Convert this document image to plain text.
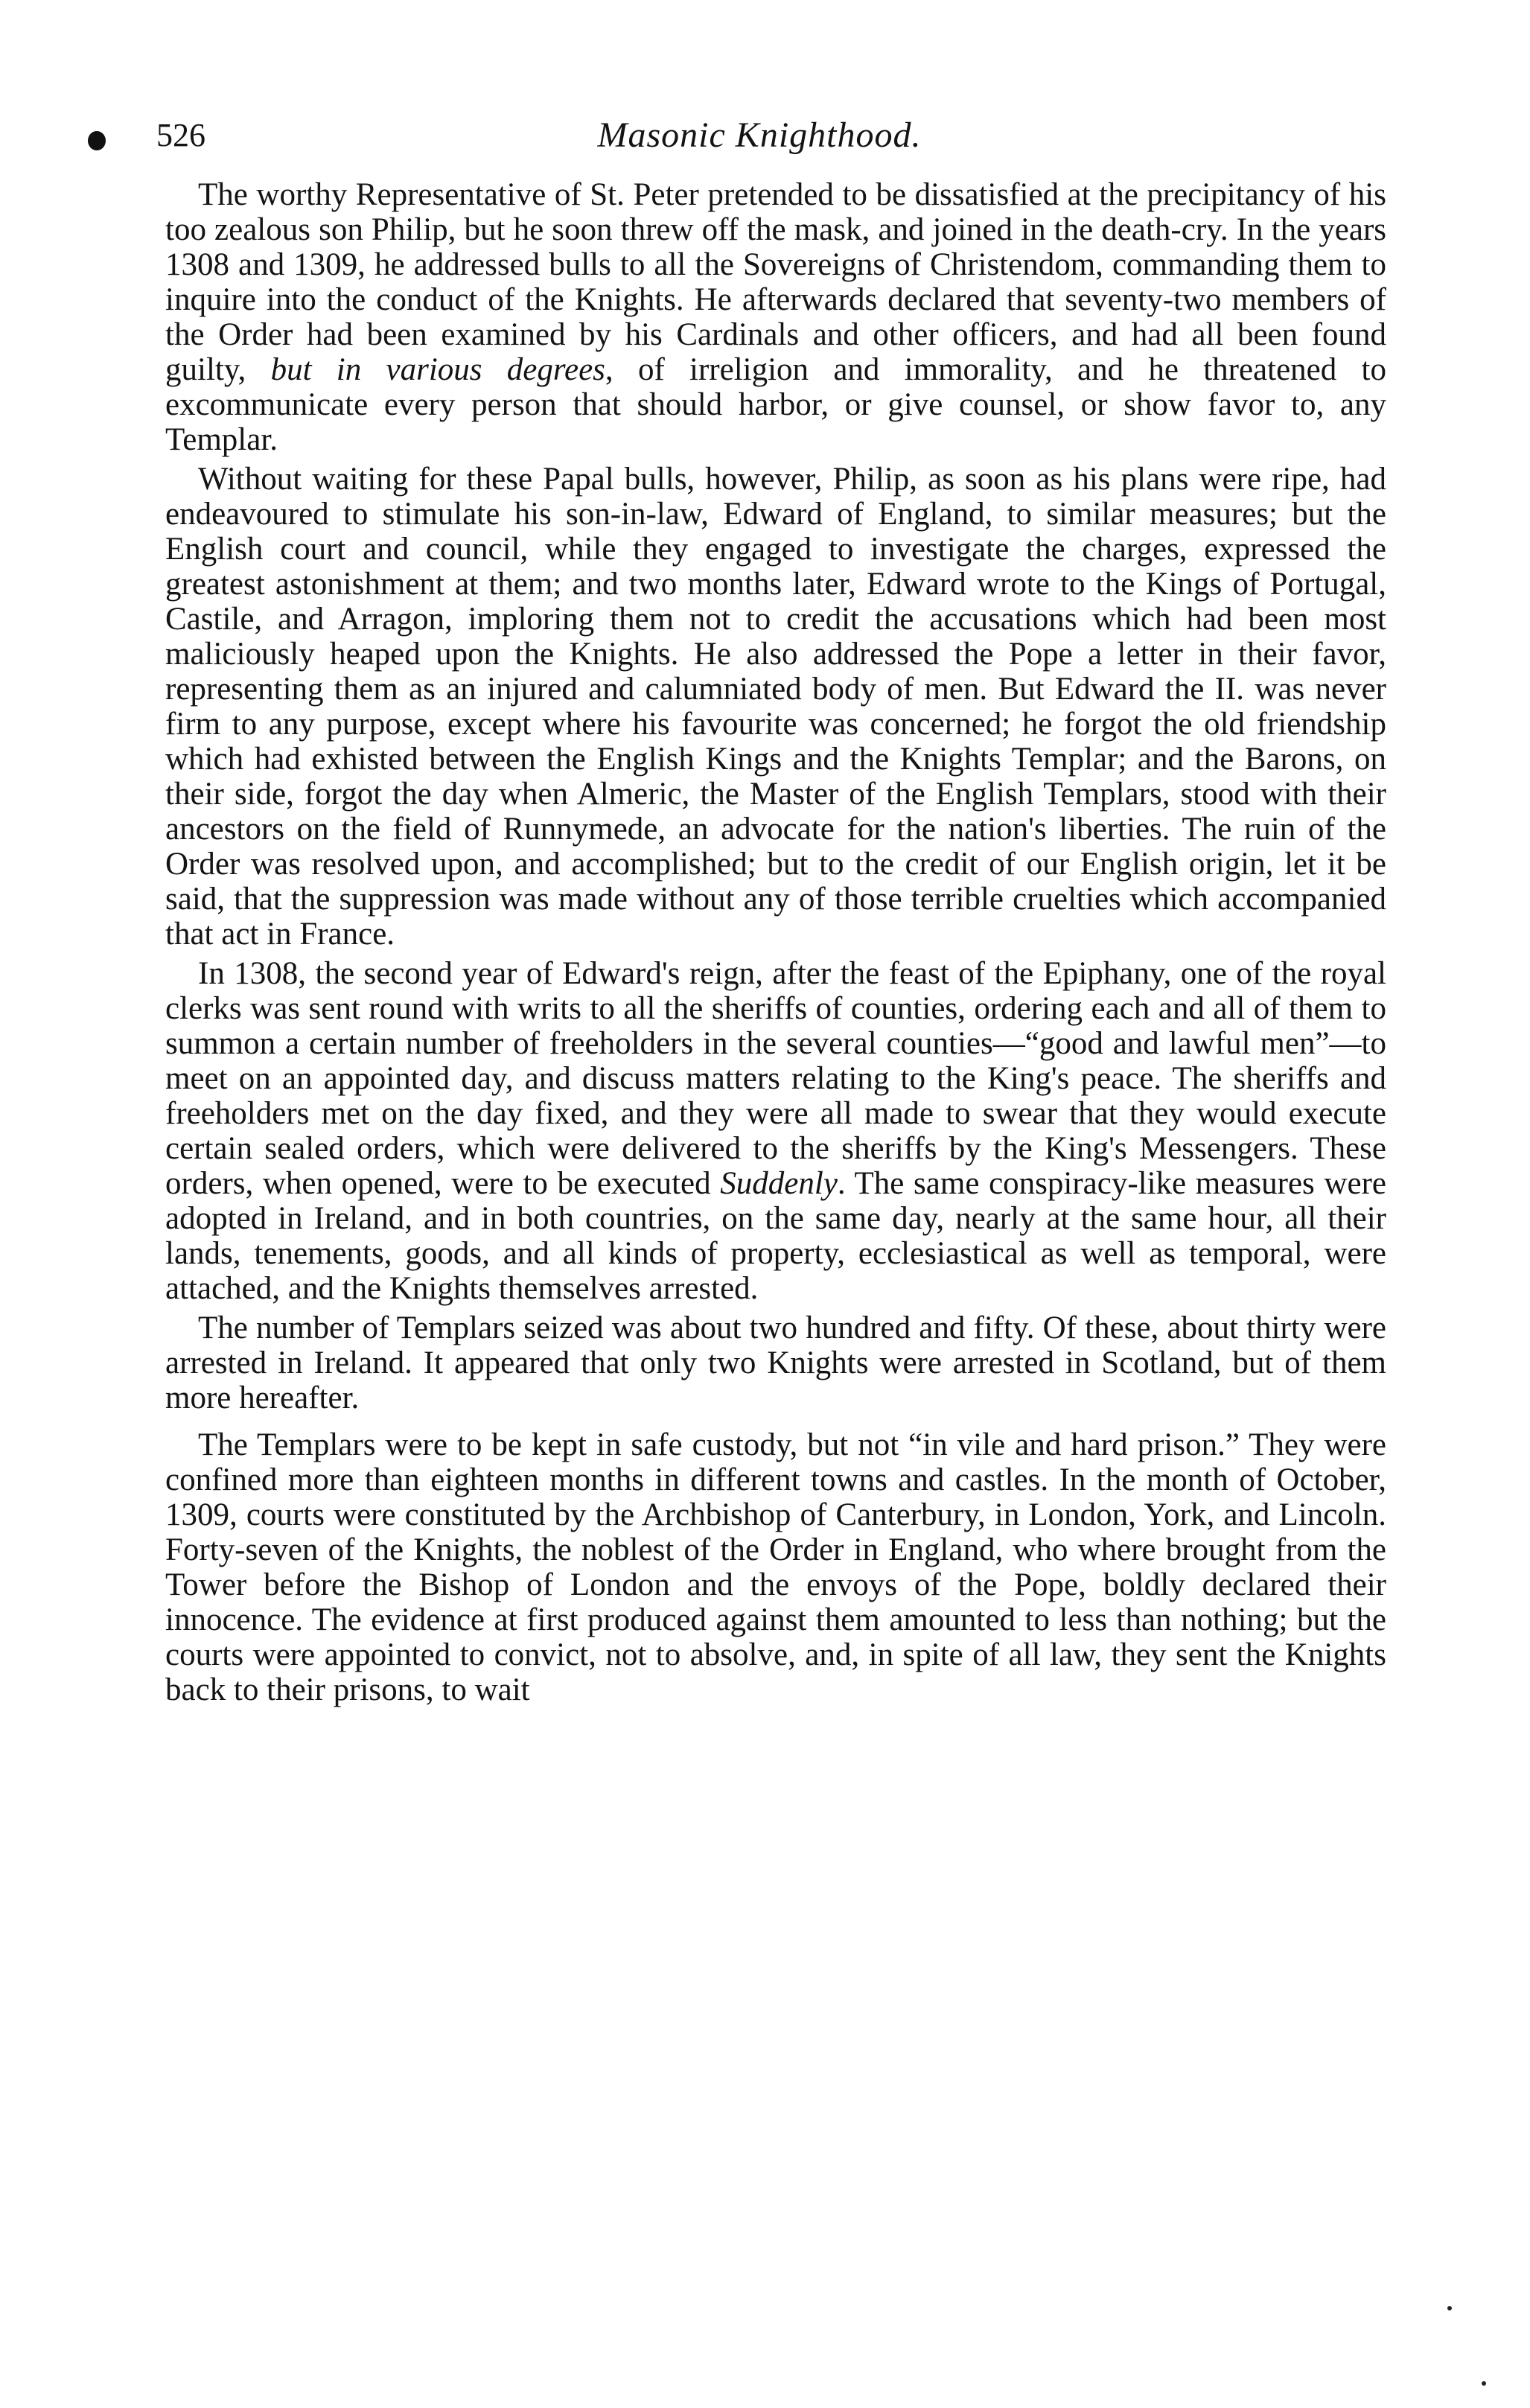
526	Masonic Knighthood.

The worthy Representative of St. Peter pretended to be dissatisfied at the precipitancy of his too zealous son Philip, but he soon threw off the mask, and joined in the death-cry. In the years 1308 and 1309, he addressed bulls to all the Sovereigns of Christendom, commanding them to inquire into the conduct of the Knights. He afterwards declared that seventy-two members of the Order had been examined by his Cardinals and other officers, and had all been found guilty, but in various degrees, of irreligion and immorality, and he threatened to excommunicate every person that should harbor, or give counsel, or show favor to, any Templar.

Without waiting for these Papal bulls, however, Philip, as soon as his plans were ripe, had endeavoured to stimulate his son-in-law, Edward of England, to similar measures; but the English court and council, while they engaged to investigate the charges, expressed the greatest astonishment at them; and two months later, Edward wrote to the Kings of Portugal, Castile, and Arragon, imploring them not to credit the accusations which had been most maliciously heaped upon the Knights. He also addressed the Pope a letter in their favor, representing them as an injured and calumniated body of men. But Edward the II. was never firm to any purpose, except where his favourite was concerned; he forgot the old friendship which had exhisted between the English Kings and the Knights Templar; and the Barons, on their side, forgot the day when Almeric, the Master of the English Templars, stood with their ancestors on the field of Runnymede, an advocate for the nation's liberties. The ruin of the Order was resolved upon, and accomplished; but to the credit of our English origin, let it be said, that the suppression was made without any of those terrible cruelties which accompanied that act in France.

In 1308, the second year of Edward's reign, after the feast of the Epiphany, one of the royal clerks was sent round with writs to all the sheriffs of counties, ordering each and all of them to summon a certain number of freeholders in the several counties—“good and lawful men”—to meet on an appointed day, and discuss matters relating to the King's peace. The sheriffs and freeholders met on the day fixed, and they were all made to swear that they would execute certain sealed orders, which were delivered to the sheriffs by the King's Messengers. These orders, when opened, were to be executed Suddenly. The same conspiracy-like measures were adopted in Ireland, and in both countries, on the same day, nearly at the same hour, all their lands, tenements, goods, and all kinds of property, ecclesiastical as well as temporal, were attached, and the Knights themselves arrested.

The number of Templars seized was about two hundred and fifty. Of these, about thirty were arrested in Ireland. It appeared that only two Knights were arrested in Scotland, but of them more hereafter.

The Templars were to be kept in safe custody, but not “in vile and hard prison.” They were confined more than eighteen months in different towns and castles. In the month of October, 1309, courts were constituted by the Archbishop of Canterbury, in London, York, and Lincoln. Forty-seven of the Knights, the noblest of the Order in England, who where brought from the Tower before the Bishop of London and the envoys of the Pope, boldly declared their innocence. The evidence at first produced against them amounted to less than nothing; but the courts were appointed to convict, not to absolve, and, in spite of all law, they sent the Knights back to their prisons, to wait
